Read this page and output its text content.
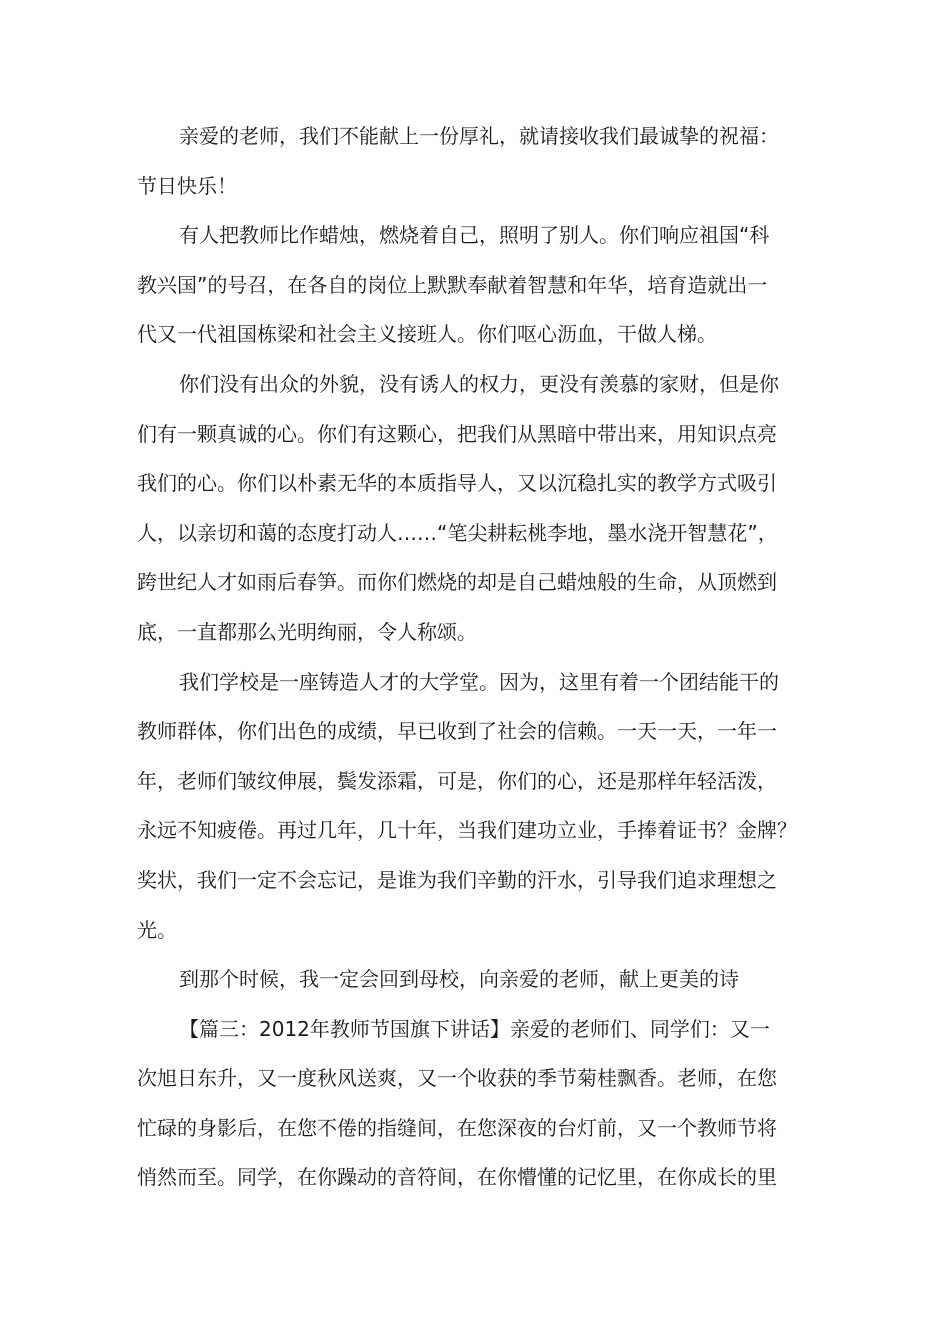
亲爱的老师，我们不能献上一份厚礼，就请接收我们最诚挚的祝福：
节日快乐！
有人把教师比作蜡烛，燃烧着自己，照明了别人。你们响应祖国“科
教兴国”的号召，在各自的岗位上默默奉献着智慧和年华，培育造就出一
代又一代祖国栋梁和社会主义接班人。你们呕心沥血，干做人梯。
你们没有出众的外貌，没有诱人的权力，更没有羡慕的家财，但是你
们有一颗真诚的心。你们有这颗心，把我们从黑暗中带出来，用知识点亮
我们的心。你们以朴素无华的本质指导人，又以沉稳扎实的教学方式吸引
人，以亲切和蔼的态度打动人……“笔尖耕耘桃李地，墨水浇开智慧花”，
跨世纪人才如雨后春笋。而你们燃烧的却是自己蜡烛般的生命，从顶燃到
底，一直都那么光明绚丽，令人称颂。
我们学校是一座铸造人才的大学堂。因为，这里有着一个团结能干的
教师群体，你们出色的成绩，早已收到了社会的信赖。一天一天，一年一
年，老师们皱纹伸展，鬓发添霜，可是，你们的心，还是那样年轻活泼，
永远不知疲倦。再过几年，几十年，当我们建功立业，手捧着证书？金牌？
奖状，我们一定不会忘记，是谁为我们辛勤的汗水，引导我们追求理想之
光。
到那个时候，我一定会回到母校，向亲爱的老师，献上更美的诗
【篇三：2012年教师节国旗下讲话】亲爱的老师们、同学们：又一
次旭日东升，又一度秋风送爽，又一个收获的季节菊桂飘香。老师，在您
忙碌的身影后，在您不倦的指缝间，在您深夜的台灯前，又一个教师节将
悄然而至。同学，在你躁动的音符间，在你懵懂的记忆里，在你成长的里
